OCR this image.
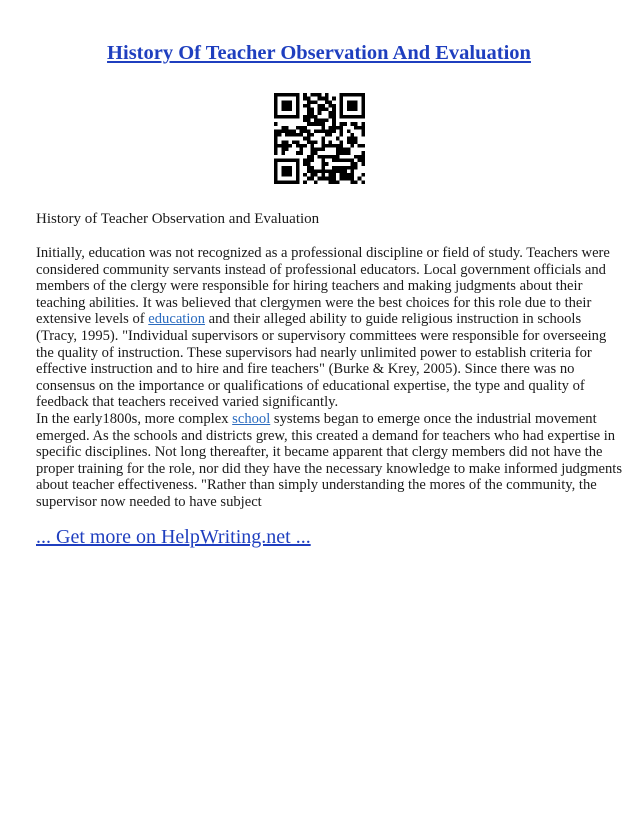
History Of Teacher Observation And Evaluation
History of Teacher Observation and Evaluation
Initially, education was not recognized as a professional discipline or field of study. Teachers were
considered community servants instead of professional educators. Local government officials and
members of the clergy were responsible for hiring teachers and making judgments about their
teaching abilities. It was believed that clergymen were the best choices for this role due to their
extensive levels of education and their alleged ability to guide religious instruction in schools
(Tracy, 1995). "Individual supervisors or supervisory committees were responsible for overseeing
the quality of instruction. These supervisors had nearly unlimited power to establish criteria for
effective instruction and to hire and fire teachers" (Burke & Krey, 2005). Since there was no
consensus on the importance or qualifications of educational expertise, the type and quality of
feedback that teachers received varied significantly.
In the early1800s, more complex school systems began to emerge once the industrial movement
emerged. As the schools and districts grew, this created a demand for teachers who had expertise in
specific disciplines. Not long thereafter, it became apparent that clergy members did not have the
proper training for the role, nor did they have the necessary knowledge to make informed judgments
about teacher effectiveness. "Rather than simply understanding the mores of the community, the
supervisor now needed to have subject
... Get more on HelpWriting.net ...
